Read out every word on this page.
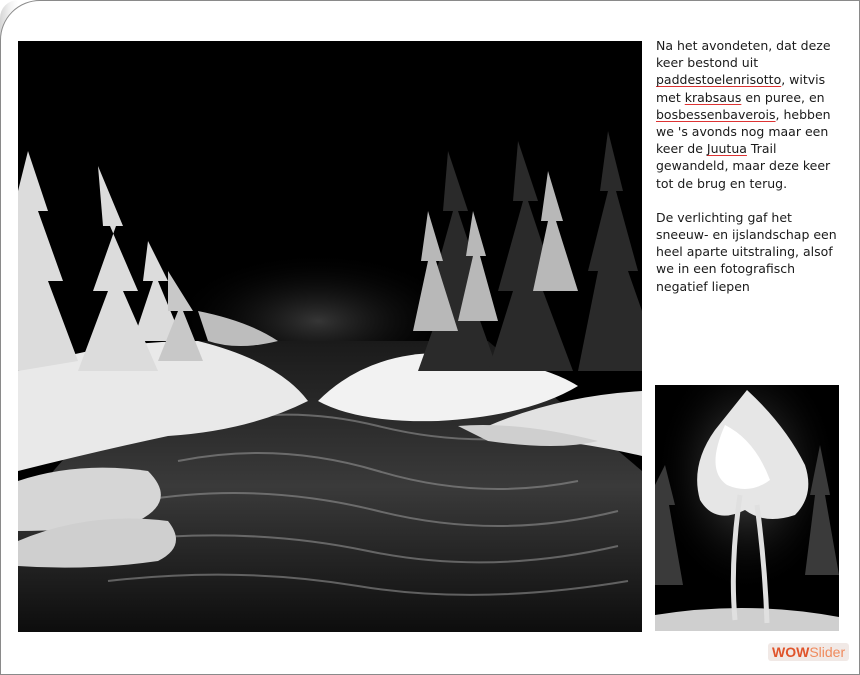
Na het avondeten, dat deze keer bestond uit paddestoelenrisotto, witvis met krabsaus en puree, en bosbessenbaverois, hebben we 's avonds nog maar een keer de Juutua Trail gewandeld, maar deze keer tot de brug en terug.

De verlichting gaf het sneeuw- en ijslandschap een heel aparte uitstraling, alsof we in een fotografisch negatief liepen

WOWSlider
